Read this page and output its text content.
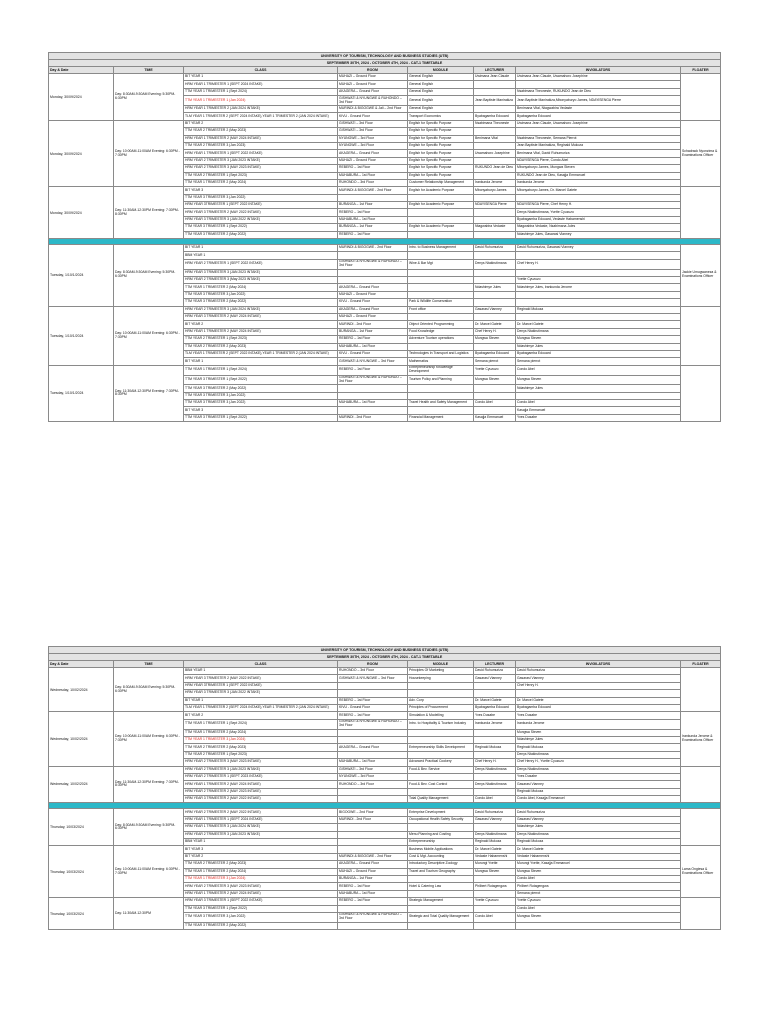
UNIVERSITY OF TOURISM, TECHNOLOGY AND BUSINESS STUDIES (UTB)							
SEPTEMBER 30TH, 2024 - OCTOBER 4TH, 2024 - CAT-1 TIMETABLE							
Day & Date	TIME	CLASS	ROOM	MODULE	LECTURER	INVIGILATORS	FLOATER
Monday, 30/09/2024	Day: 8:30AM-9:30AM Evening: 5:30PM-6:30PM	BIT YEAR 1	MUHAZI – Ground Floor	General English	Uwimana Jean Claude	Uwimana Jean Claude, Uwamahoro Josephine	
		HRM YEAR 1 TRIMESTER 1 (SEPT 2024 INTAKE)	MUHAZI – Ground Floor	General English			
		TTM YEAR 1 TRIMESTER 1 (Sept 2024)	AKAGERA – Ground Floor	General English		Nsabimana Theoneste, RUKUNDO Jean de Dieu	
		TTM YEAR 1 TRIMESTER 1 (Jan 2024)	GISHWATI & NYUNGWE & RUHONDO – 3rd Floor	General English	Jean Baptiste Manirakiza	Jean Baptiste Manirakiza,Mbonyaburyo James, NDAYISENGA Pierre	
		HRM YEAR 1 TRIMESTER 2 (JAN 2024 INTAKE)	MURINDI & BIGOGWE & Jali – 2nd Floor	General English		Benimana Vital, Ntagwabira Vedaste	
		TLM YEAR 1 TRIMESTER 2 (SEPT 2024 INTAKE),YEAR 1 TRIMESTER 2 (JAN 2024 INTAKE)	KIVU - Ground Floor	Transport Economics	Byabagamba Edouard	Byabagamba Edouard	
Monday, 30/09/2024	Day: 10:00AM-11:00AM Evening: 6:30PM - 7:30PM	BIT YEAR 2	GISHWATI – 3rd Floor	English for Specific Purpose	Nsabimana Theoneste	Uwimana Jean Claude, Uwamahoro Josephine	Schadrack Nyonzima & Examinations Officer
		TTM YEAR 2 TRIMESTER 2 (May 2023)	GISHWATI – 3rd Floor	English for Specific Purpose			
		HRM YEAR 1 TRIMESTER 2 (MAY 2024 INTAKE)	NYUNGWE – 3rd Floor	English for Specific Purpose	Benimana Vital	Nsabimana Theoneste, Semana Pierrot	
		TTM YEAR 2 TRIMESTER 3 (Jan 2023)	NYUNGWE – 3rd Floor	English for Specific Purpose		Jean Baptiste Manirakiza, Reginald Mukoza	
		HRM YEAR 1 TRIMESTER 1 (SEPT 2022 INTAKE)	AKAGERA – Ground Floor	English for Specific Purpose	Uwamahoro Josephine	Benimana Vital, David Ruhumuriza	
		HRM YEAR 2 TRIMESTER 3 (JAN 2023 INTAKE)	MUHAZI – Ground Floor	English for Specific Purpose		NDAYISENGA Pierre, Condo Abel	
		HRM YEAR 2 TRIMESTER 3 (MAY 2023 INTAKE)	REBERO – 1st Floor	English for Specific Purpose	RUKUNDO Jean de Dieu	Mbonyaburyo James, Mungwa Steven	
		TTM YEAR 2 TRIMESTER 1 (Sept 2023)	MUHABURA – 1st Floor	English for Specific Purpose		RUKUNDO Jean de Dieu, Kasajja Emmanuel	
		TTM YEAR 1 TRIMESTER 2 (May 2024)	RUHONDO – 3rd Floor	Customer Relationship Management	Irankunda Jerome	Irankunda Jerome	
Monday, 30/09/2024	Day: 11:30AM-12:30PM Evening: 7:30PM-8:30PM	BIT YEAR 3	MURINDI & BIGOGWE - 2nd Floor	English for Academic Purpose	Mbonyaburyo James	Mbonyaburyo James, Dr. Marcel Gatete	
		TTM YEAR 3 TRIMESTER 3 (Jan 2022)					
		HRM YEAR 3TRIMESTER 1 (SEPT 2022 INTAKE)	BURANGA – 1st Floor	English for Academic Purpose	NDAYISENGA Pierre	NDAYISENGA Pierre, Chef Henry H.	
		HRM YEAR 3 TRIMESTER 2 (MAY 2022 INTAKE)	REBERO – 1st Floor			Denys Ntakirutimana, Yvette Cyuzuzo	
		HRM YEAR 3 TRIMESTER 3 (JAN 2022 INTAKE)	MUHABURA – 1st Floor			Byabagamba Edouard, Vedaste Habamenshi	
		TTM YEAR 3 TRIMESTER 1 (Sept 2022)	BURANGA – 1st Floor	English for Academic Purpose	Ntagwabira Vedaste	Ntagwabira Vedaste, Nsabimana Jules	
		TTM YEAR 3 TRIMESTER 2 (May 2022)	REBERO – 1st Floor			Ndashimye Jules, Gasarasi Vianney	

Tuesday, 1/10/1/2024	Day: 8:30AM-9:30AM Evening: 5:30PM-6:30PM	BIT YEAR 1	MURINDI & BIGOGWE - 2nd Floor	Intro. to Business Management	David Ruhumuriza	David Ruhumuriza, Gasarasi Vianney	Jackie Umugwaneza & Examinations Officer
		BBM YEAR 1					
		HRM YEAR 2 TRIMESTER 1 (SEPT 2022 INTAKE)	GISHWATI & NYUNGWE & RUHONDO – 3rd Floor	Wine & Bar Mgt	Denys Ntakirutimana	Chef Henry H.	
		HRM YEAR 3 TRIMESTER 3 (JAN 2023 INTAKE)					
		HRM YEAR 2 TRIMESTER 3 (May 2023 INTAKE)				Yvette Cyuzuzo	
		TTM YEAR 1 TRIMESTER 2 (May 2024)	AKAGERA – Ground Floor		Ndashimye Jules	Ndashimye Jules, Irankunda Jerome	
		TTM YEAR 3 TRIMESTER 3 (Jan 2022)	MUHAZI – Ground Floor				
		TTM YEAR 3 TRIMESTER 2 (May 2022)	KIVU - Ground Floor	Park & Wildlife Conservation			
Tuesday, 1/10/1/2024	Day: 10:00AM-11:00AM Evening: 6:30PM - 7:30PM	HRM YEAR 2 TRIMESTER 3 (JAN 2024 INTAKE)	AKAGERA – Ground Floor	Front office	Gasarasi Vianney	Reginald Mukoza	
		HRM YEAR 3 TRIMESTER 2 (MAY 2024 INTAKE)	MUHAZI – Ground Floor				
		BIT YEAR 2	MURINDI - 2nd Floor	Object Oriented Programming	Dr. Marcel Gatete	Dr. Marcel Gatete	
		HRM YEAR 1 TRIMESTER 2 (MAY 2024 INTAKE)	BURANGA – 1st Floor	Food Knowledge	Chef Henry H.	Denys Ntakirutimana	
		TTM YEAR 2 TRIMESTER 1 (Sept 2023)	REBERO – 1st Floor	Adventure Tourism operations	Mungwa Steven	Mungwa Steven	
		TTM YEAR 2 TRIMESTER 2 (May 2023)	MUHABURA – 1st Floor			Ndashimye Jules	
		TLM YEAR 1 TRIMESTER 2 (SEPT 2022 INTAKE),YEAR 1 TRIMESTER 2 (JAN 2024 INTAKE)	KIVU - Ground Floor	Technologies In Transport and Logistics	Byabagamba Edouard	Byabagamba Edouard	
		BIT YEAR 1	GISHWATI & NYUNGWE – 3rd Floor	Mathematics	Semana pierrot	Semana pierrot	
Tuesday, 1/10/1/2024	Day: 11:30AM-12:30PM Evening: 7:30PM-8:30PM	TTM YEAR 1 TRIMESTER 1 (Sept 2024)	REBERO – 1st Floor	Entrepreneurship Knowledge Development	Yvette Cyuzuzo	Condo Abel	
		TTM YEAR 3 TRIMESTER 1 (Sept 2022)	GISHWATI & NYUNGWE & RUHONDO – 3rd Floor	Tourism Policy and Planning	Mungwa Steven	Mungwa Steven	
		TTM YEAR 3 TRIMESTER 2 (May 2022)				Ndashimye Jules	
		TTM YEAR 3 TRIMESTER 3 (Jan 2022)					
		TTM YEAR 3 TRIMESTER 3 (Jan 2022)	MUHABURA – 1st Floor	Travel Health and Safety Management	Condo Abel	Condo Abel	
		BIT YEAR 3				Kasajja Emmanuel	
		TTM YEAR 3 TRIMESTER 1 (Sept 2022)	MURINDI - 2nd Floor	Financial Management	Kasajja Emmanuel	Yves Dusabe	
UNIVERSITY OF TOURISM, TECHNOLOGY AND BUSINESS STUDIES (UTB)							
SEPTEMBER 30TH, 2024 - OCTOBER 4TH, 2024 - CAT-1 TIMETABLE							
Day & Date	TIME	CLASS	ROOM	MODULE	LECTURER	INVIGILATORS	FLOATER
Wednesday, 10/02/2024	Day: 8:30AM-9:30AM Evening: 5:30PM-6:30PM	BBM YEAR 1	RUHONDO – 3rd Floor	Principles Of Marketing	David Ruhumuriza	David Ruhumuriza	
		HRM YEAR 3 TRIMESTER 2 (MAY 2022 INTAKE)	GISHWATI & NYUNGWE – 3rd Floor	Housekeeping	Gasarasi Vianney	Gasarasi Vianney	
		HRM YEAR 3TRIMESTER 1 (SEPT 2022 INTAKE)				Chef Henry H.	
		HRM YEAR 3 TRIMESTER 3 (JAN 2022 INTAKE)					
		BIT YEAR 1	REBERO – 1st Floor	Adv. Corp	Dr. Marcel Gatete	Dr. Marcel Gatete	
		TLM YEAR 1 TRIMESTER 2 (SEPT 2024 INTAKE),YEAR 1 TRIMESTER 2 (JAN 2024 INTAKE)	KIVU - Ground Floor	Principles of Procurement	Byabagamba Edouard	Byabagamba Edouard	
Wednesday, 10/02/2024	Day: 10:00AM-11:00AM Evening: 6:30PM - 7:30PM	BIT YEAR 2	REBERO – 1st Floor	Simulation & Modelling	Yves Dusabe	Yves Dusabe	Irankunda Jerome & Examinations Officer
		TTM YEAR 1 TRIMESTER 1 (Sept 2024)	GISHWATI & NYUNGWE & RUHONDO – 3rd Floor	Intro. to Hospitality & Tourism Industry	Irankunda Jerome	Irankunda Jerome	
		TTM YEAR 1 TRIMESTER 2 (May 2024)				Mungwa Steven	
		TTM YEAR 1 TRIMESTER 3 (Jan 2024)				Ndashimye Jules	
		TTM YEAR 2 TRIMESTER 2 (May 2023)	AKAGERA – Ground Floor	Entrepreneurship Skills Development	Reginald Mukoza	Reginald Mukoza	
		TTM YEAR 2 TRIMESTER 1 (Sept 2023)				Denys Ntakirutimana	
		HRM YEAR 2 TRIMESTER 3 (MAY 2023 INTAKE)	MUHABURA – 1st Floor	Advanced Practical Cookery	Chef Henry H.	Chef Henry H., Yvette Cyuzuzo	
Wednesday, 10/02/2024	Day: 11:30AM-12:30PM Evening: 7:30PM-8:30PM	HRM YEAR 2 TRIMESTER 3 (JAN 2023 INTAKE)	GISHWATI – 3rd Floor	Food & Bev. Service	Denys Ntakirutimana	Denys Ntakirutimana	
		HRM YEAR 2 TRIMESTER 1 (SEPT 2023 INTAKE)	NYUNGWE – 3rd Floor			Yves Dusabe	
		HRM YEAR 1 TRIMESTER 2 (MAY 2024 INTAKE)	RUHONDO – 3rd Floor	Food & Bev. Cost Control	Denys Ntakirutimana	Gasarasi Vianney	
		HRM YEAR 2 TRIMESTER 2 (MAY 2023 INTAKE)				Reginald Mukoza	
		HRM YEAR 3 TRIMESTER 2 (MAY 2022 INTAKE)		Total Quality Management	Condo Abel	Condo Abel, Kasajja Emmanuel	

Thursday, 10/03/2024	Day: 8:30AM-9:30AM Evening: 5:30PM-6:30PM	HRM YEAR 2 TRIMESTER 2 (MAY 2022 INTAKE)	BIGOGWE – 2nd Floor	Enterprise Development	David Ruhumuriza	David Ruhumuriza	
		HRM YEAR 1 TRIMESTER 1 (SEPT 2024 INTAKE)	MURINDI - 2nd Floor	Occupational Health Safety Security	Gasarasi Vianney	Gasarasi Vianney	
		HRM YEAR 1 TRIMESTER 3 (JAN 2024 INTAKE)				Ndashimye Jules	
		HRM YEAR 2 TRIMESTER 3 (JAN 2023 INTAKE)		Menu Planning and Costing	Denys Ntakirutimana	Denys Ntakirutimana	
		BBM YEAR 1		Entrepreneurship	Reginald Mukoza	Reginald Mukoza	
Thursday, 10/03/2024	Day: 10:00AM-11:00AM Evening: 6:30PM - 7:30PM	BIT YEAR 3		Business Mobile Applications	Dr. Marcel Gatete	Dr. Marcel Gatete	Lama Ongiesa & Examinations Officer
		BIT YEAR 2	MURINDI & BIGOGWE - 2nd Floor	Cost & Mgt. Accounting	Vedaste Habamenshi	Vedaste Habamenshi	
		TTM YEAR 2 TRIMESTER 2 (May 2023)	AKAGERA – Ground Floor	Introductory Descriptive Zoology	Murungi Yvette	Murungi Yvette, Kasajja Emmanuel	
		TTM YEAR 1 TRIMESTER 2 (May 2024)	MUHAZI – Ground Floor	Travel and Tourism Geography	Mungwa Steven	Mungwa Steven	
		TTM YEAR 1 TRIMESTER 3 (Jan 2024)	BURANGA – 1st Floor			Condo Abel	
		HRM YEAR 2 TRIMESTER 3 (MAY 2023 INTAKE)	REBERO – 1st Floor	Hotel & Catering Law	Philbert Rutagengwa	Philbert Rutagengwa	
		HRM YEAR 1 TRIMESTER 2 (MAY 2024 INTAKE)	MUHABURA – 1st Floor			Semana pierrot	
Thursday, 10/03/2024	Day: 11:30AM-12:30PM	HRM YEAR 3 TRIMESTER 1 (SEPT 2022 INTAKE)	REBERO – 1st Floor	Strategic Management	Yvette Cyuzuzo	Yvette Cyuzuzo	
		TTM YEAR 3 TRIMESTER 1 (Sept 2022)				Condo Abel	
		TTM YEAR 3 TRIMESTER 3 (Jan 2022)	GISHWATI & NYUNGWE & RUHONDO – 3rd Floor	Strategic and Total Quality Management	Condo Abel	Mungwa Steven	
		TTM YEAR 3 TRIMESTER 2 (May 2022)					
